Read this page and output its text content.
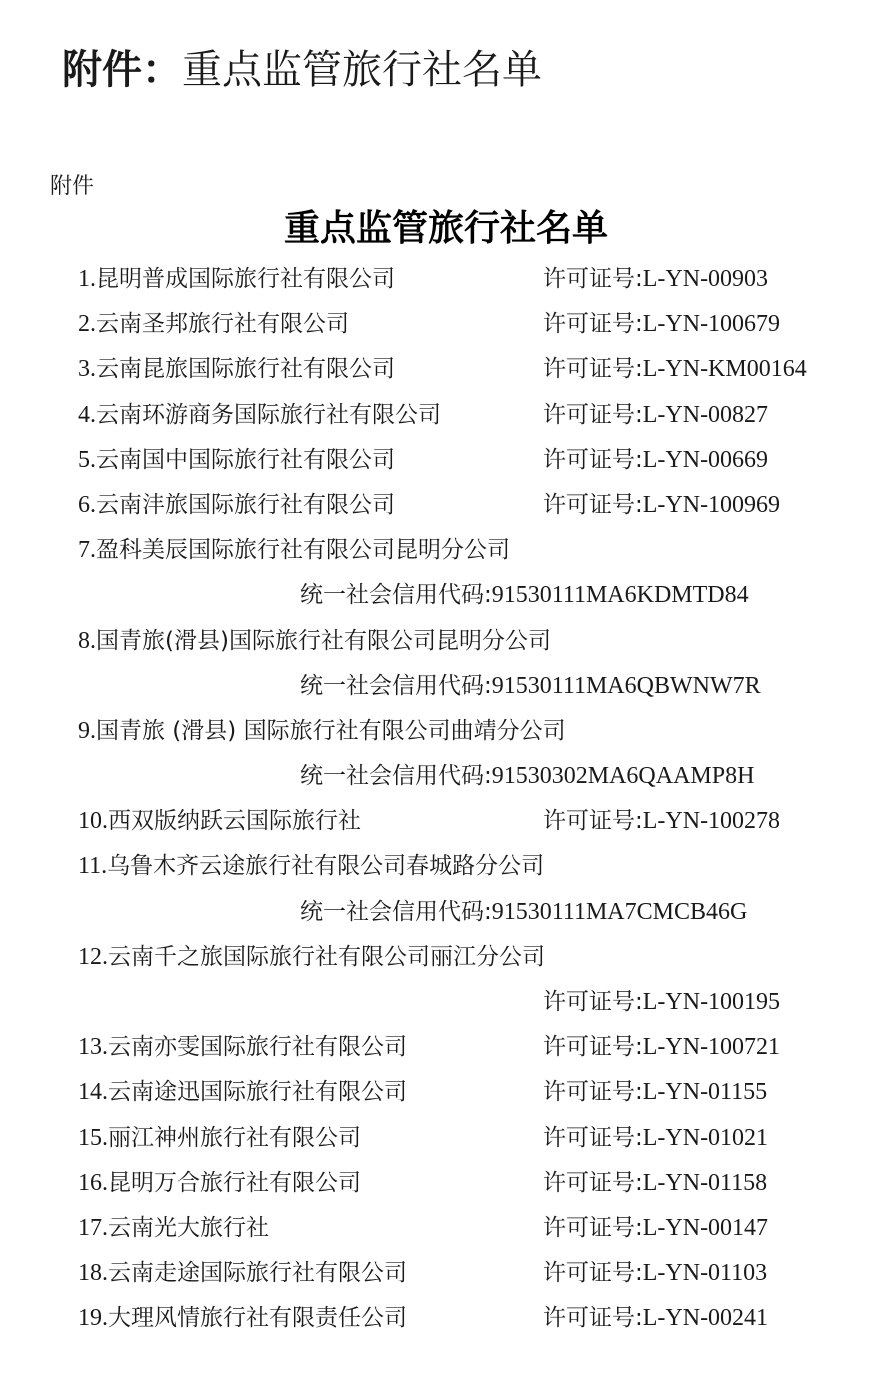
附件：重点监管旅行社名单
附件
重点监管旅行社名单
1.昆明普成国际旅行社有限公司	许可证号:L-YN-00903
2.云南圣邦旅行社有限公司	许可证号:L-YN-100679
3.云南昆旅国际旅行社有限公司	许可证号:L-YN-KM00164
4.云南环游商务国际旅行社有限公司	许可证号:L-YN-00827
5.云南国中国际旅行社有限公司	许可证号:L-YN-00669
6.云南沣旅国际旅行社有限公司	许可证号:L-YN-100969
7.盈科美辰国际旅行社有限公司昆明分公司
统一社会信用代码:91530111MA6KDMTD84
8.国青旅(滑县)国际旅行社有限公司昆明分公司
统一社会信用代码:91530111MA6QBWNW7R
9.国青旅 (滑县) 国际旅行社有限公司曲靖分公司
统一社会信用代码:91530302MA6QAAMP8H
10.西双版纳跃云国际旅行社	许可证号:L-YN-100278
11.乌鲁木齐云途旅行社有限公司春城路分公司
统一社会信用代码:91530111MA7CMCB46G
12.云南千之旅国际旅行社有限公司丽江分公司
许可证号:L-YN-100195
13.云南亦雯国际旅行社有限公司	许可证号:L-YN-100721
14.云南途迅国际旅行社有限公司	许可证号:L-YN-01155
15.丽江神州旅行社有限公司	许可证号:L-YN-01021
16.昆明万合旅行社有限公司	许可证号:L-YN-01158
17.云南光大旅行社	许可证号:L-YN-00147
18.云南走途国际旅行社有限公司	许可证号:L-YN-01103
19.大理风情旅行社有限责任公司	许可证号:L-YN-00241
